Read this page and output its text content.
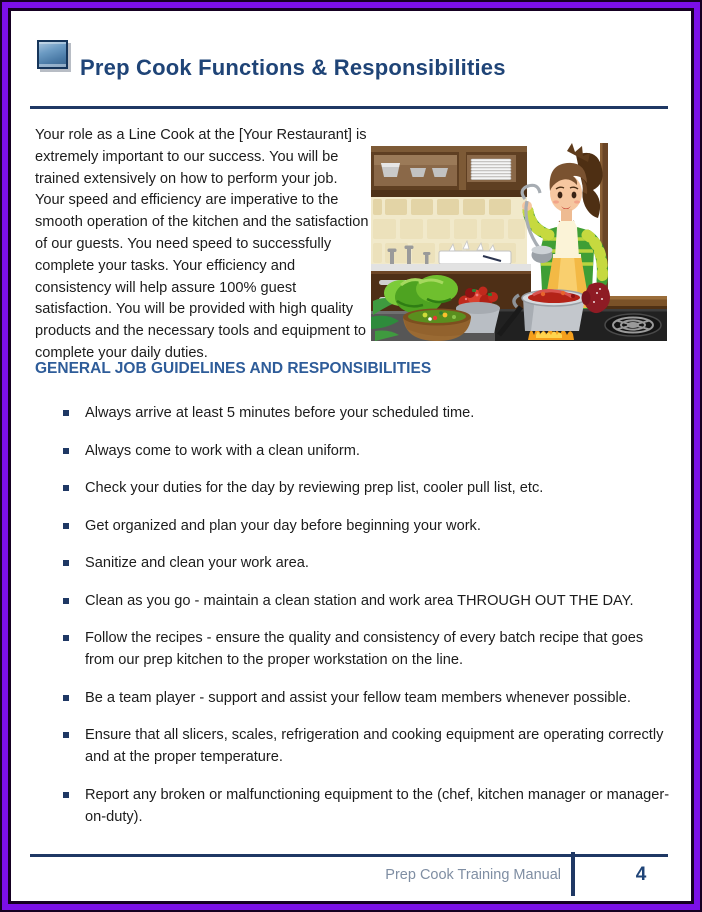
Prep Cook Functions & Responsibilities

Your role as a Line Cook at the [Your Restaurant] is extremely important to our success. You will be trained extensively on how to perform your job. Your speed and efficiency are imperative to the smooth operation of the kitchen and the satisfaction of our guests. You need speed to successfully complete your tasks. Your efficiency and consistency will help assure 100% guest satisfaction. You will be provided with high quality products and the necessary tools and equipment to complete your daily duties.

GENERAL JOB GUIDELINES AND RESPONSIBILITIES
Always arrive at least 5 minutes before your scheduled time.
Always come to work with a clean uniform.
Check your duties for the day by reviewing prep list, cooler pull list, etc.
Get organized and plan your day before beginning your work.
Sanitize and clean your work area.
Clean as you go - maintain a clean station and work area THROUGH OUT THE DAY.
Follow the recipes - ensure the quality and consistency of every batch recipe that goes from our prep kitchen to the proper workstation on the line.
Be a team player - support and assist your fellow team members whenever possible.
Ensure that all slicers, scales, refrigeration and cooking equipment are operating correctly and at the proper temperature.
Report any broken or malfunctioning equipment to the (chef, kitchen manager or manager-on-duty).
Prep Cook Training Manual	4
